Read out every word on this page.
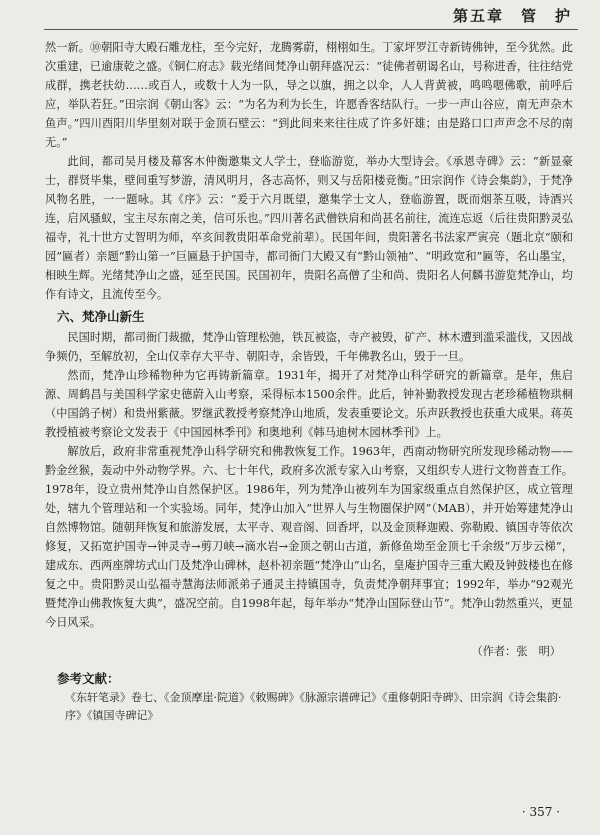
第五章　管　护

然一新。⑩朝阳寺大殿石雕龙柱，至今完好，龙腾雾蔚，栩栩如生。丁家坪罗江寺新铸佛钟，至今犹然。此次重建，已逾康乾之盛。《铜仁府志》载光绪间梵净山朝拜盛况云：“徒佛者朝谒名山，号称进香，往往结党成群，携老扶幼……或百人，或数十人为一队，导之以旗，拥之以伞，人人背黄被，鸣鸣嗯佛歌，前呼后应，举队若狂。”田宗润《朝山客》云：“为名为利为长生，许愿香客结队行。一步一声山谷应，南无声杂木鱼声。”四川酉阳川华里刻对联于金顶石壁云：“到此间来来往往成了许多奸雄；由是路口口声声念不尽的南无。”

此间，都司吴月楼及幕客木仲衡邀集文人学士，登临游览，举办大型诗会。《承恩寺碑》云：“新显豪士，群贤毕集，壁间重写梦游，清风明月，各志高怀，则又与岳阳楼竞衡。”田宗润作《诗会集韵》，于梵净风物名胜，一一题咏。其《序》云：“爰于六月既望，邀集学士文人，登临游置，既而烟茶互吸，诗酒兴连，启风骚蚁，宝主尽东南之美，信可乐也。”四川著名武僧铁肩和尚甚名前往，流连忘返（后往贵阳黔灵弘福寺，礼十世方丈智明为师，卒亥间教贵阳革命党前辈）。民国年间，贵阳著名书法家严寅亮（题北京“颐和园”匾者）亲题“黔山第一”巨匾悬于护国寺，都司衙门大殿又有“黔山领袖”、“明政宽和”匾等，名山墨宝，相映生辉。光绪梵净山之盛，延至民国。民国初年，贵阳名高僧了尘和尚、贵阳名人何麟书游览梵净山，均作有诗文，且流传至今。

六、梵净山新生

民国时期，都司衙门裁撤，梵净山管理松弛，铁瓦被盗，寺产被毁，矿产、林木遭到滥采滥伐，又因战争频仍，至解放初，全山仅幸存大平寺、朝阳寺，余皆毁，千年佛教名山，毁于一旦。

然而，梵净山珍稀物种为它再铸新篇章。1931年，揭开了对梵净山科学研究的新篇章。是年，焦启源、周鹤昌与美国科学家史德蔚入山考察，采得标本1500余件。此后，钟补勤教授发现古老珍稀植物珙桐（中国鸽子树）和贵州紫薇。罗继武教授考察梵净山地质，发表重要论文。乐声跃教授也获重大成果。蒋英教授植被考察论文发表于《中国园林季刊》和奥地利《韩马迪树木园林季刊》上。

解放后，政府非常重视梵净山科学研究和佛教恢复工作。1963年，西南动物研究所发现珍稀动物——黔金丝猴，轰动中外动物学界。六、七十年代，政府多次派专家入山考察，又组织专人进行文物普查工作。1978年，设立贵州梵净山自然保护区。1986年，列为梵净山被列车为国家级重点自然保护区，成立管理处，辖九个管理站和一个实验场。同年，梵净山加入“世界人与生物圈保护网”（MAB），并开始筹建梵净山自然博物馆。随朝拜恢复和旅游发展，太平寺、观音阁、回香坪，以及金顶释迦殿、弥勒殿、镇国寺等依次修复，又拓宽护国寺→钟灵寺→剪刀峡→滴水岩→金顶之朝山古道，新修鱼坳至金顶七千余级“万步云梯”，建成东、西两座牌坊式山门及梵净山碑林，赵朴初亲题“梵净山”山名，皇庵护国寺三重大殿及钟鼓楼也在修复之中。贵阳黔灵山弘福寺慧海法师派弟子通灵主持镇国寺，负责梵净朝拜事宜；1992年，举办“92观光暨梵净山佛教恢复大典”，盛况空前。自1998年起，每年举办“梵净山国际登山节”。梵净山勃然重兴，更显今日风采。

（作者：张　明）
参考文献：

《东轩笔录》卷七、《金顶摩崖·院道》《敕赐碑》《脉源宗谱碑记》《重修朝阳寺碑》、田宗润《诗会集韵·序》《镇国寺碑记》

· 357 ·
